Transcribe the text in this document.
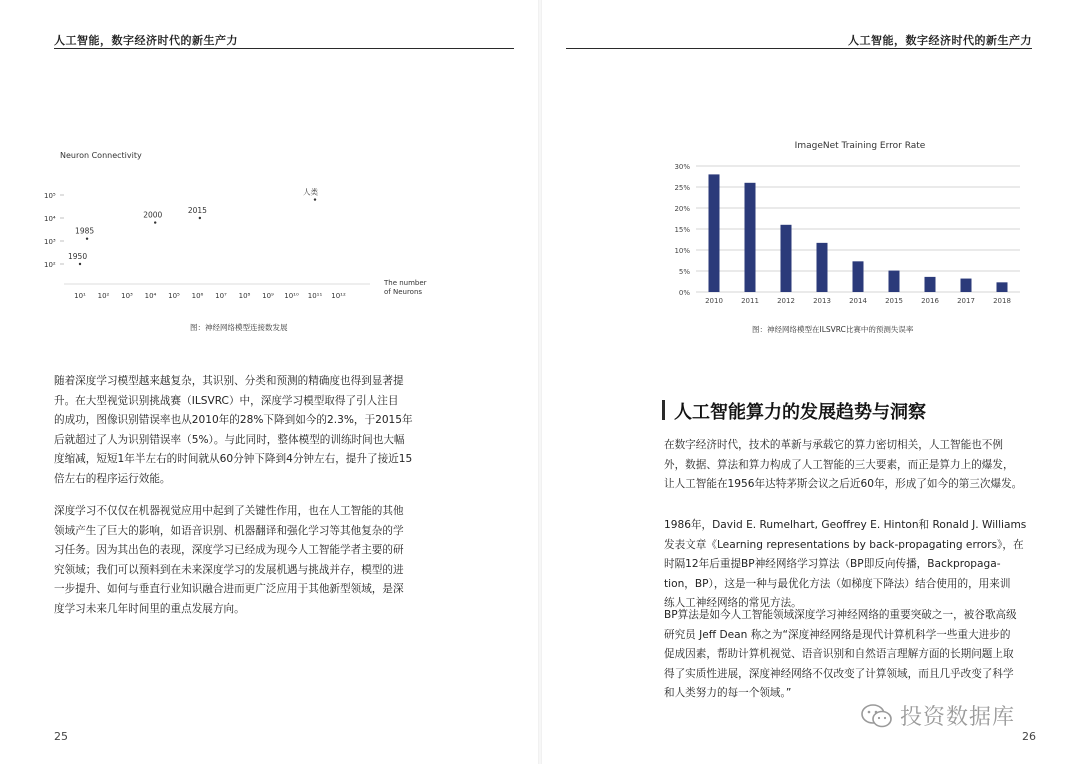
人工智能，数字经济时代的新生产力	人工智能，数字经济时代的新生产力
Neuron Connectivity
10⁵
10⁴
10³
10²
10¹ 10² 10³ 10⁴ 10⁵ 10⁶ 10⁷ 10⁸ 10⁹ 10¹⁰ 10¹¹ 10¹²
1950
1985
2000
2015
人类
The number
of Neurons
图：神经网络模型连接数发展
随着深度学习模型越来越复杂，其识别、分类和预测的精确度也得到显著提
升。在大型视觉识别挑战赛（ILSVRC）中，深度学习模型取得了引人注目
的成功，图像识别错误率也从2010年的28%下降到如今的2.3%，于2015年
后就超过了人为识别错误率（5%）。与此同时，整体模型的训练时间也大幅
度缩减，短短1年半左右的时间就从60分钟下降到4分钟左右，提升了接近15
倍左右的程序运行效能。
深度学习不仅仅在机器视觉应用中起到了关键性作用，也在人工智能的其他
领域产生了巨大的影响，如语音识别、机器翻译和强化学习等其他复杂的学
习任务。因为其出色的表现，深度学习已经成为现今人工智能学者主要的研
究领域；我们可以预料到在未来深度学习的发展机遇与挑战并存，模型的进
一步提升、如何与垂直行业知识融合进而更广泛应用于其他新型领域，是深
度学习未来几年时间里的重点发展方向。
25
ImageNet Training Error Rate
0%
5%
10%
15%
20%
25%
30%
2010	2011	2012	2013	2014	2015	2016	2017	2018
图：神经网络模型在ILSVRC比赛中的预测失误率
人工智能算力的发展趋势与洞察
在数字经济时代，技术的革新与承载它的算力密切相关，人工智能也不例
外，数据、算法和算力构成了人工智能的三大要素，而正是算力上的爆发，
让人工智能在1956年达特茅斯会议之后近60年，形成了如今的第三次爆发。
1986年，David E. Rumelhart, Geoffrey E. Hinton和 Ronald J. Williams
发表文章《Learning representations by back-propagating errors》，在
时隔12年后重提BP神经网络学习算法（BP即反向传播，Backpropaga-
tion，BP），这是一种与最优化方法（如梯度下降法）结合使用的，用来训
练人工神经网络的常见方法。
BP算法是如今人工智能领域深度学习神经网络的重要突破之一，被谷歌高级
研究员 Jeff Dean 称之为“深度神经网络是现代计算机科学一些重大进步的
促成因素，帮助计算机视觉、语音识别和自然语言理解方面的长期问题上取
得了实质性进展，深度神经网络不仅改变了计算领域，而且几乎改变了科学
和人类努力的每一个领域。”
26
投资数据库
